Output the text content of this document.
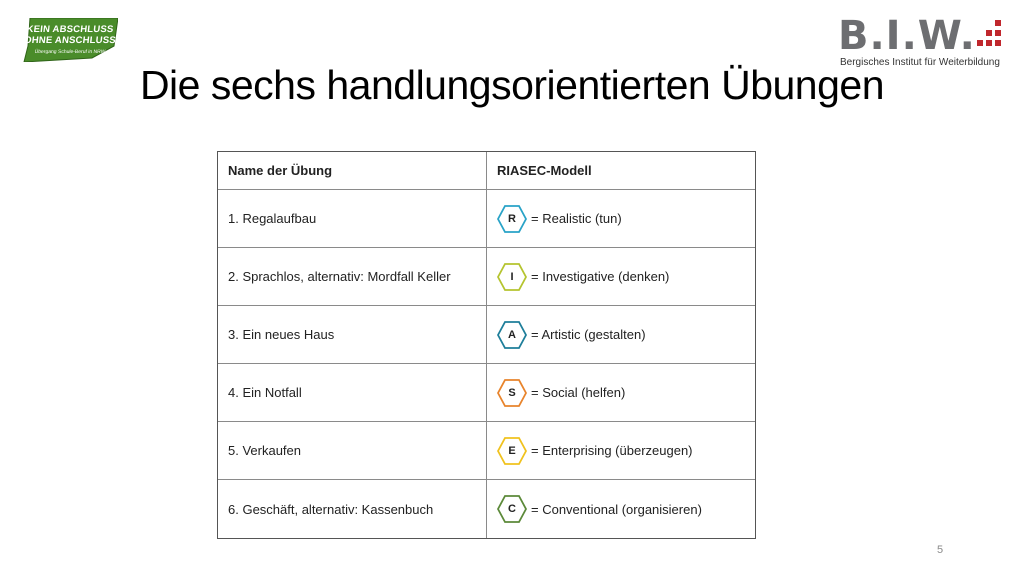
KEIN ABSCHLUSS
OHNE ANSCHLUSS
Übergang Schule-Beruf in NRW	B.I.W.
Bergisches Institut für Weiterbildung
Die sechs handlungsorientierten Übungen
Name der Übung	RIASEC-Modell
1. Regalaufbau	R	= Realistic (tun)
2. Sprachlos, alternativ: Mordfall Keller	I	= Investigative (denken)
3. Ein neues Haus	A	= Artistic (gestalten)
4. Ein Notfall	S	= Social (helfen)
5. Verkaufen	E	= Enterprising (überzeugen)
6. Geschäft, alternativ: Kassenbuch	C	= Conventional (organisieren)
5
